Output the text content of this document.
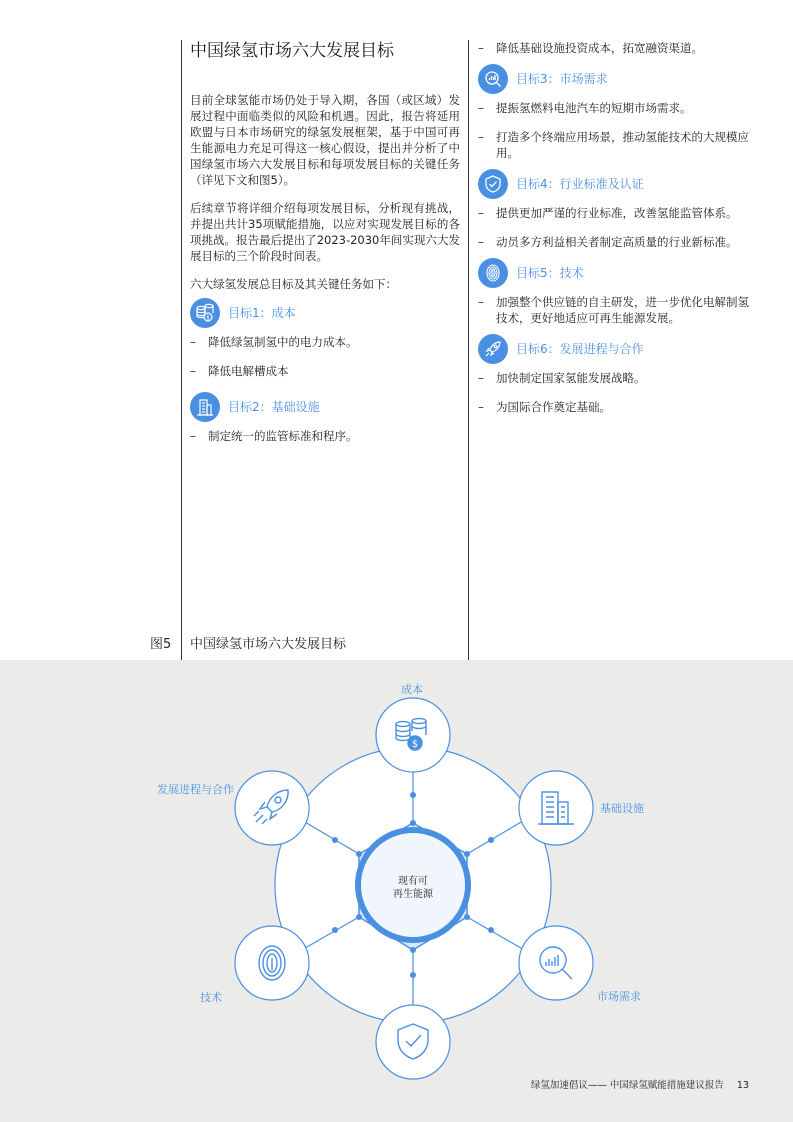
中国绿氢市场六大发展目标

目前全球氢能市场仍处于导入期，各国（或区域）发展过程中面临类似的风险和机遇。因此，报告将延用欧盟与日本市场研究的绿氢发展框架，基于中国可再生能源电力充足可得这一核心假设，提出并分析了中国绿氢市场六大发展目标和每项发展目标的关键任务（详见下文和图5）。

后续章节将详细介绍每项发展目标，分析现有挑战，并提出共计35项赋能措施，以应对实现发展目标的各项挑战。报告最后提出了2023-2030年间实现六大发展目标的三个阶段时间表。

六大绿氢发展总目标及其关键任务如下：

$ 目标1：成本
–	降低绿氢制氢中的电力成本。
–	降低电解槽成本
目标2：基础设施
–	制定统一的监管标准和程序。
–	降低基础设施投资成本，拓宽融资渠道。
目标3：市场需求
–	提振氢燃料电池汽车的短期市场需求。
–	打造多个终端应用场景，推动氢能技术的大规模应用。
目标4：行业标准及认证
–	提供更加严谨的行业标准，改善氢能监管体系。
–	动员多方利益相关者制定高质量的行业新标准。
目标5：技术
–	加强整个供应链的自主研发，进一步优化电解制氢技术，更好地适应可再生能源发展。
目标6：发展进程与合作
–	加快制定国家氢能发展战略。
–	为国际合作奠定基础。
图5 中国绿氢市场六大发展目标
$
现有可
再生能源
成本
基础设施
市场需求
技术
发展进程与合作
绿氢加速倡议—— 中国绿氢赋能措施建议报告 13
